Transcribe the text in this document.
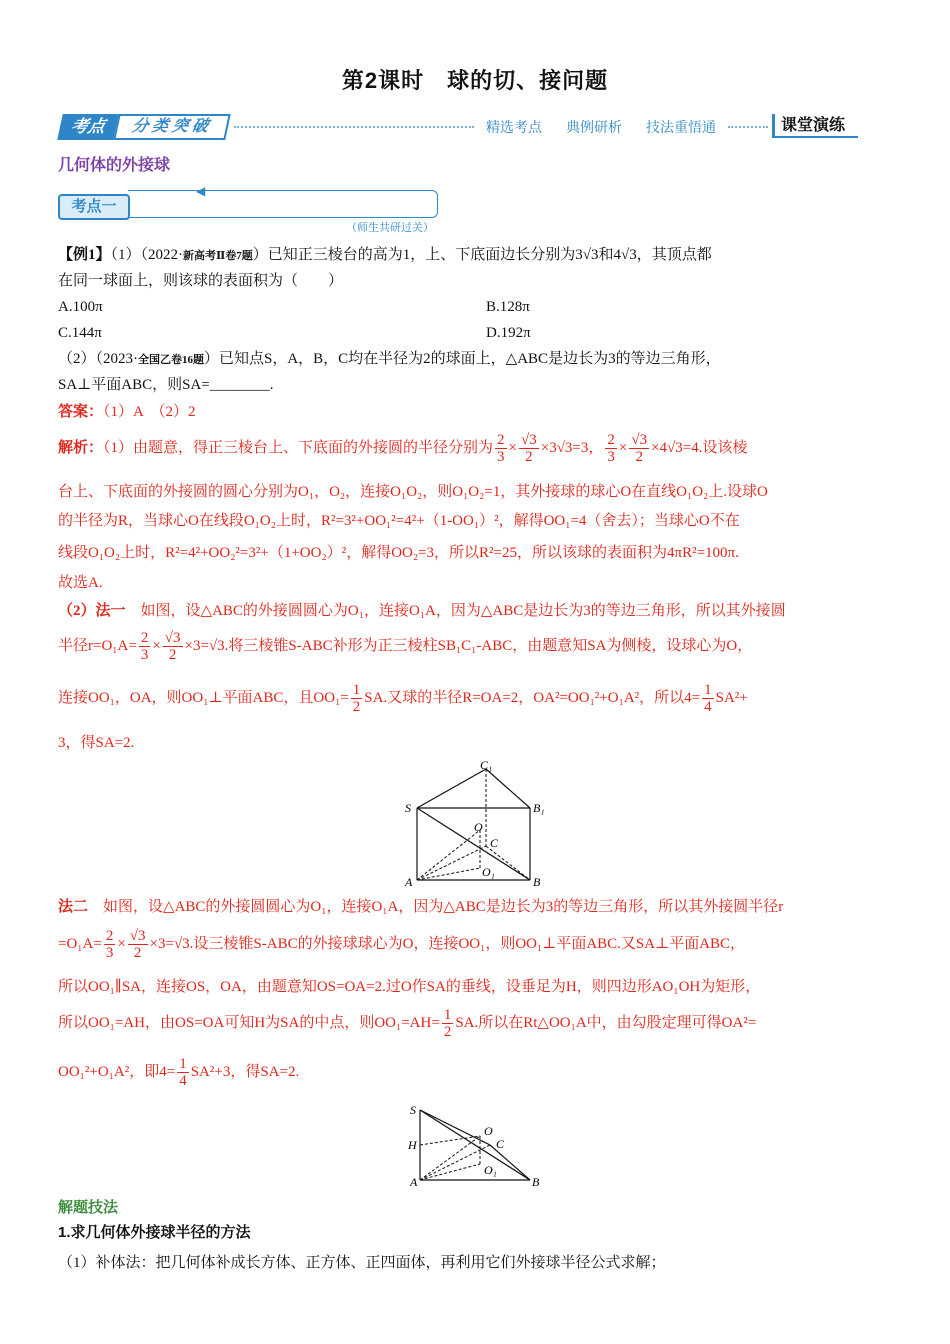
第2课时　球的切、接问题
考点	分类突破	精选考点 典例研析 技法重悟通	课堂演练
几何体的外接球
◀
考点一
（师生共研过关）
【例1】（1）（2022·新高考Ⅱ卷7题）已知正三棱台的高为1，上、下底面边长分别为3√3和4√3，其顶点都
在同一球面上，则该球的表面积为（　　）
A.100π	B.128π
C.144π	D.192π
（2）（2023·全国乙卷16题）已知点S，A，B，C均在半径为2的球面上，△ABC是边长为3的等边三角形，
SA⊥平面ABC，则SA=________.
答案：（1）A　（2）2
解析：（1）由题意，得正三棱台上、下底面的外接圆的半径分别为 $\frac{2}{3} \times \frac{√3}{2} \times 3√3=3$， $\frac{2}{3} \times \frac{√3}{2} \times 4√3=4$.设该棱
台上、下底面的外接圆的圆心分别为O₁，O₂，连接O₁O₂，则O₁O₂=1，其外接球的球心O在直线O₁O₂上.设球O
的半径为R，当球心O在线段O₁O₂上时，R²=3²+OO₁²=4²+（1-OO₁）²，解得OO₁=4（舍去）；当球心O不在
线段O₁O₂上时，R²=4²+OO₂²=3²+（1+OO₂）²，解得OO₂=3，所以R²=25，所以该球的表面积为4πR²=100π.
故选A.
（2）法一　 如图，设△ABC的外接圆圆心为O₁，连接O₁A，因为△ABC是边长为3的等边三角形，所以其外接圆
半径$r=O_1A= \frac{2}{3} \times \frac{√3}{2} \times 3=√3$.将三棱锥S-ABC补形为正三棱柱SB₁C₁-ABC，由题意知SA为侧棱，设球心为O，
连接OO₁，OA，则OO₁⊥平面ABC，且$OO_1= \frac{1}{2}$ SA.又球的半径R=OA=2，OA²=OO₁²+O₁A²，所以$4= \frac{1}{4} SA^2+$
3，得SA=2.
C₁
S	B₁
O
C
A
O₁
B
法二　 如图，设△ABC的外接圆圆心为O₁，连接O₁A，因为△ABC是边长为3的等边三角形，所以其外接圆半径r
$=O_1A= \frac{2}{3} \times \frac{√3}{2} \times 3=√3$.设三棱锥S-ABC的外接球球心为O，连接OO₁，则OO₁⊥平面ABC.又SA⊥平面ABC，
所以OO₁∥SA，连接OS，OA，由题意知OS=OA=2.过O作SA的垂线，设垂足为H，则四边形AO₁OH为矩形，
所以OO₁=AH，由OS=OA可知H为SA的中点，则$OO_1=AH= \frac{1}{2}$ SA.所以在Rt△OO₁A中，由勾股定理可得OA²=
OO₁²+O₁A²，即$4= \frac{1}{4} SA^2+3$，得SA=2.
S
O
H	C
O₁
A	B
解题技法
1.求几何体外接球半径的方法
（1）补体法：把几何体补成长方体、正方体、正四面体，再利用它们外接球半径公式求解；
